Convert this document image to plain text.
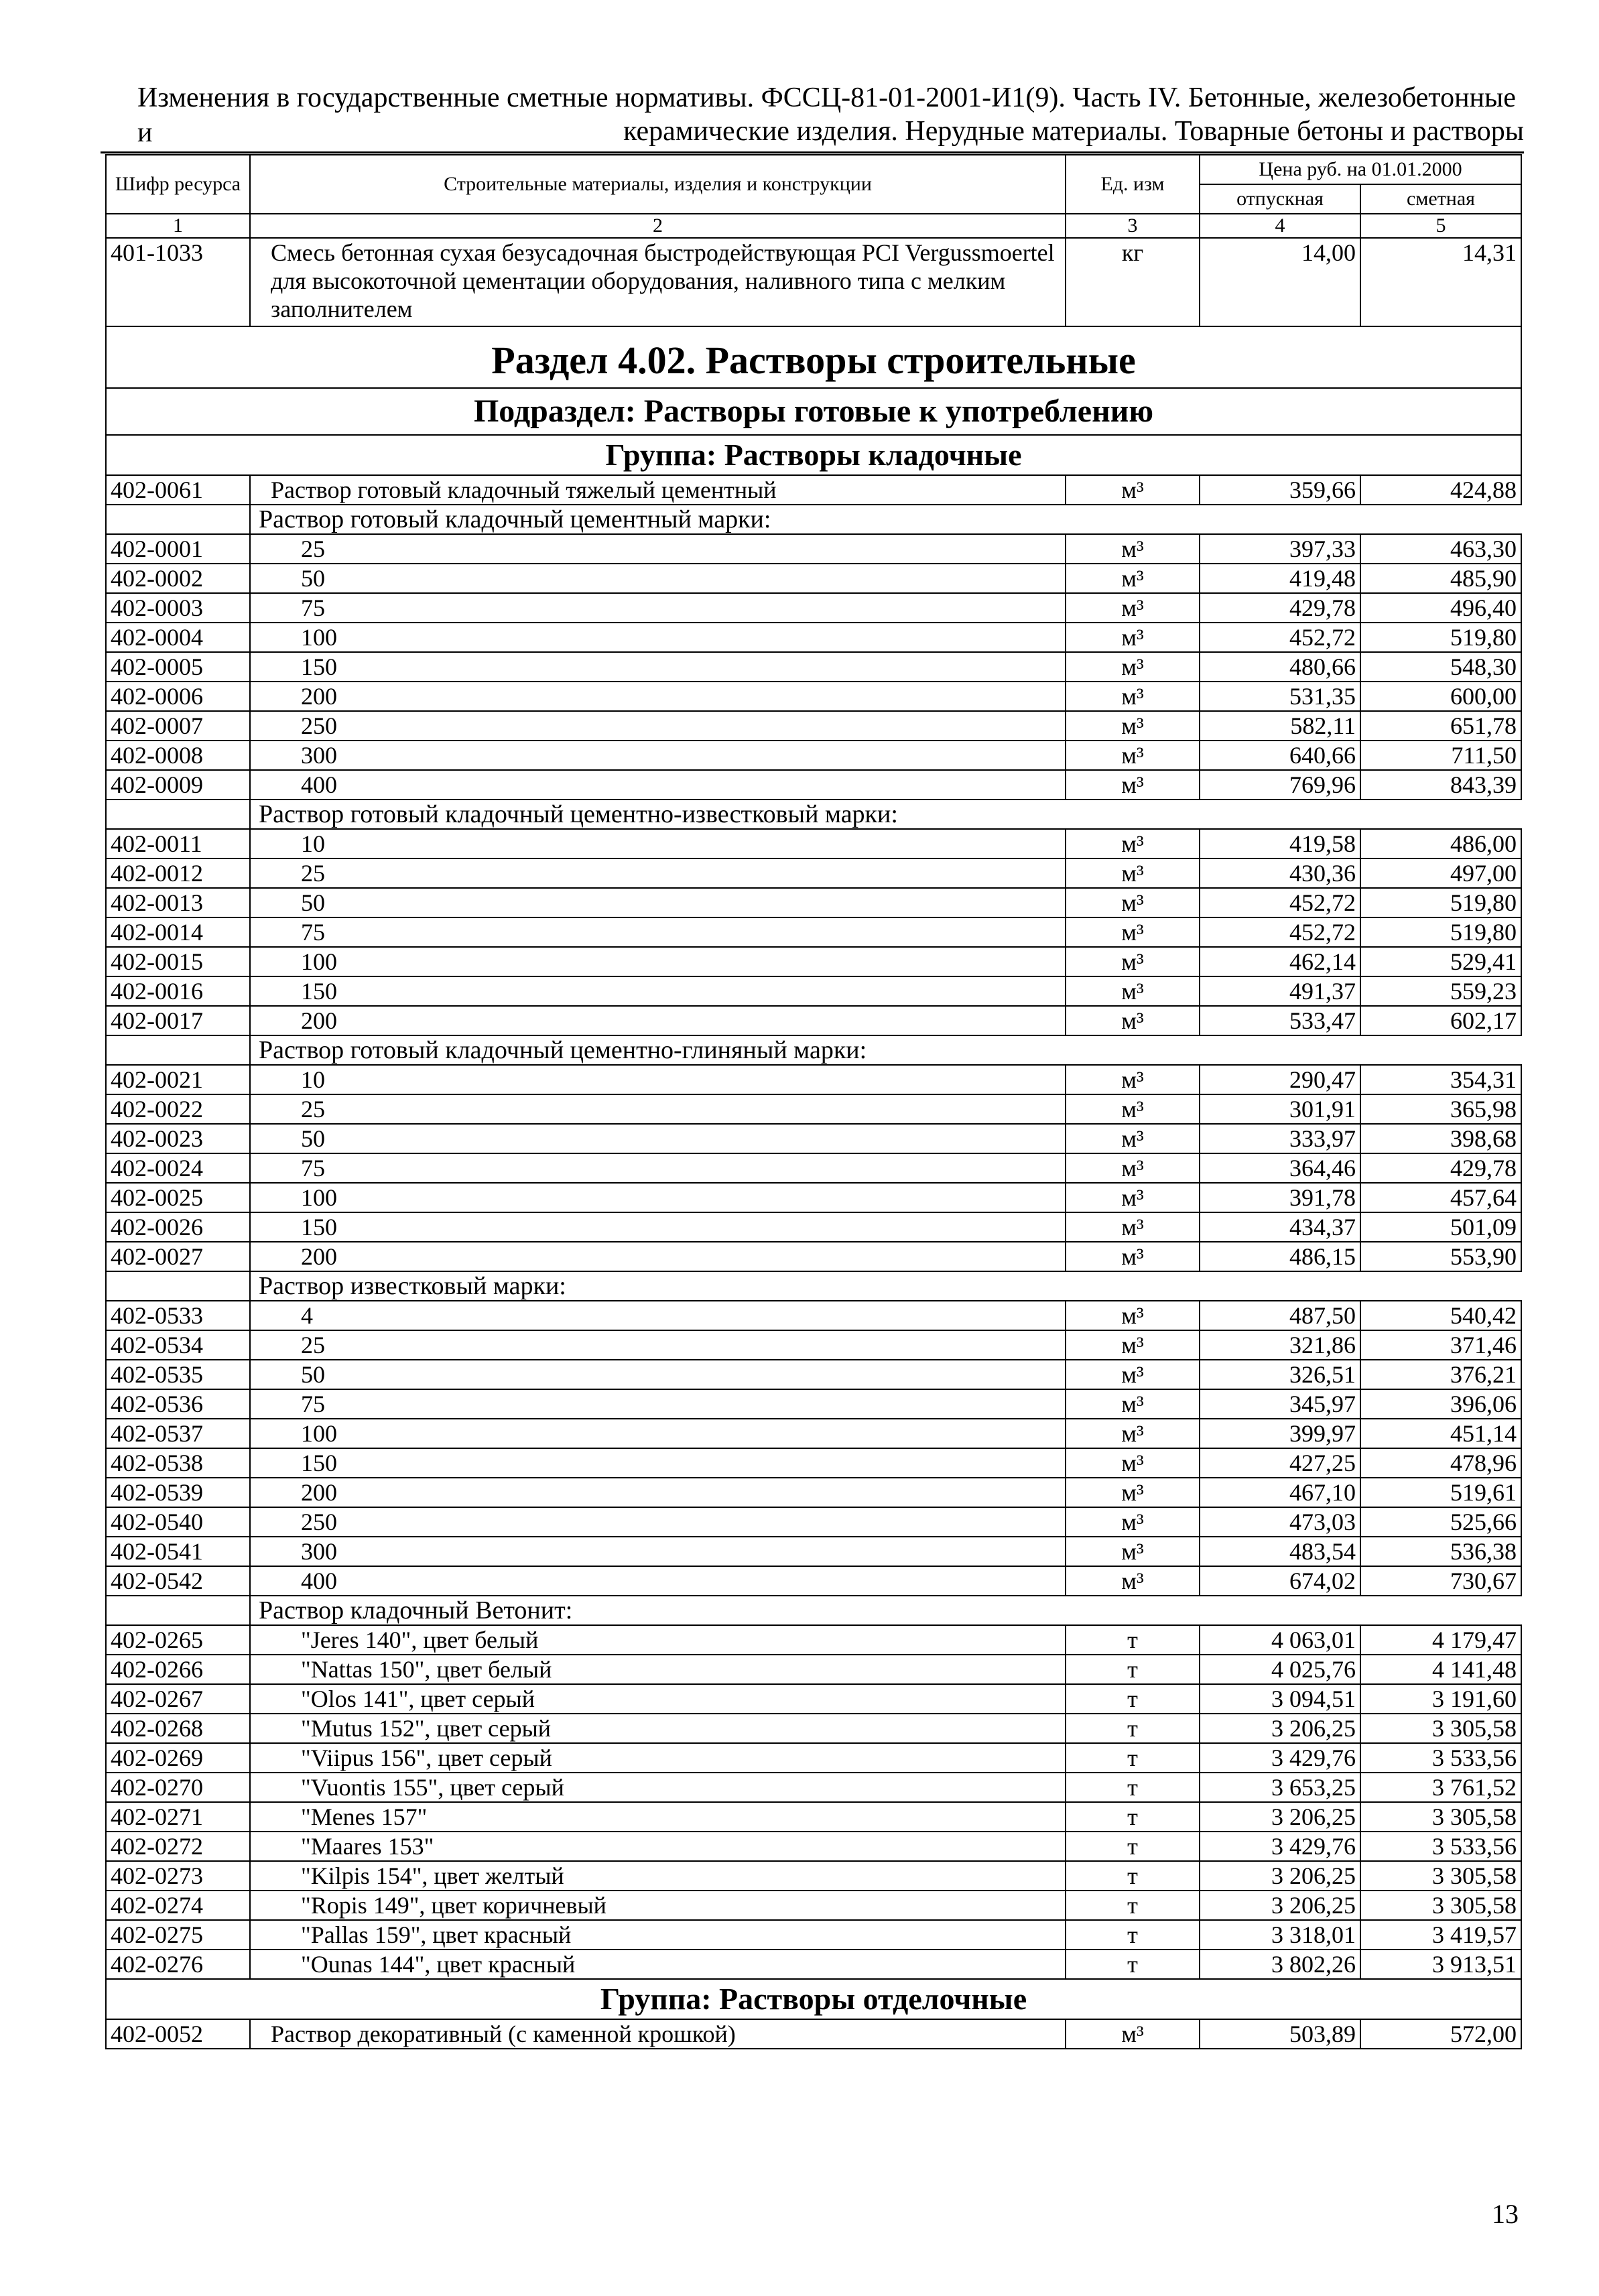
Изменения в государственные сметные нормативы. ФССЦ-81-01-2001-И1(9). Часть IV. Бетонные, железобетонные и	керамические изделия. Нерудные материалы. Товарные бетоны и растворы
Шифр ресурса	Строительные материалы, изделия и конструкции	Ед. изм	Цена руб. на 01.01.2000	
			отпускная	сметная
1	2	3	4	5
401-1033	Смесь бетонная сухая безусадочная быстродействующая PCI Vergussmoertel для высокоточной цементации оборудования, наливного типа с мелким заполнителем	кг	14,00	14,31
Раздел 4.02. Растворы строительные				
Подраздел: Растворы готовые к употреблению				
Группа: Растворы кладочные				
402-0061	Раствор готовый кладочный тяжелый цементный	м³	359,66	424,88
	Раствор готовый кладочный цементный марки:			
402-0001	25	м³	397,33	463,30
402-0002	50	м³	419,48	485,90
402-0003	75	м³	429,78	496,40
402-0004	100	м³	452,72	519,80
402-0005	150	м³	480,66	548,30
402-0006	200	м³	531,35	600,00
402-0007	250	м³	582,11	651,78
402-0008	300	м³	640,66	711,50
402-0009	400	м³	769,96	843,39
	Раствор готовый кладочный цементно-известковый марки:			
402-0011	10	м³	419,58	486,00
402-0012	25	м³	430,36	497,00
402-0013	50	м³	452,72	519,80
402-0014	75	м³	452,72	519,80
402-0015	100	м³	462,14	529,41
402-0016	150	м³	491,37	559,23
402-0017	200	м³	533,47	602,17
	Раствор готовый кладочный цементно-глиняный марки:			
402-0021	10	м³	290,47	354,31
402-0022	25	м³	301,91	365,98
402-0023	50	м³	333,97	398,68
402-0024	75	м³	364,46	429,78
402-0025	100	м³	391,78	457,64
402-0026	150	м³	434,37	501,09
402-0027	200	м³	486,15	553,90
	Раствор известковый марки:			
402-0533	4	м³	487,50	540,42
402-0534	25	м³	321,86	371,46
402-0535	50	м³	326,51	376,21
402-0536	75	м³	345,97	396,06
402-0537	100	м³	399,97	451,14
402-0538	150	м³	427,25	478,96
402-0539	200	м³	467,10	519,61
402-0540	250	м³	473,03	525,66
402-0541	300	м³	483,54	536,38
402-0542	400	м³	674,02	730,67
	Раствор кладочный Ветонит:			
402-0265	"Jeres 140", цвет белый	т	4 063,01	4 179,47
402-0266	"Nattas 150", цвет белый	т	4 025,76	4 141,48
402-0267	"Olos 141", цвет серый	т	3 094,51	3 191,60
402-0268	"Mutus 152", цвет серый	т	3 206,25	3 305,58
402-0269	"Viipus 156", цвет серый	т	3 429,76	3 533,56
402-0270	"Vuontis 155", цвет серый	т	3 653,25	3 761,52
402-0271	"Menes 157"	т	3 206,25	3 305,58
402-0272	"Maares 153"	т	3 429,76	3 533,56
402-0273	"Kilpis 154", цвет желтый	т	3 206,25	3 305,58
402-0274	"Ropis 149", цвет коричневый	т	3 206,25	3 305,58
402-0275	"Pallas 159", цвет красный	т	3 318,01	3 419,57
402-0276	"Ounas 144", цвет красный	т	3 802,26	3 913,51
Группа: Растворы отделочные				
402-0052	Раствор декоративный (с каменной крошкой)	м³	503,89	572,00
13
